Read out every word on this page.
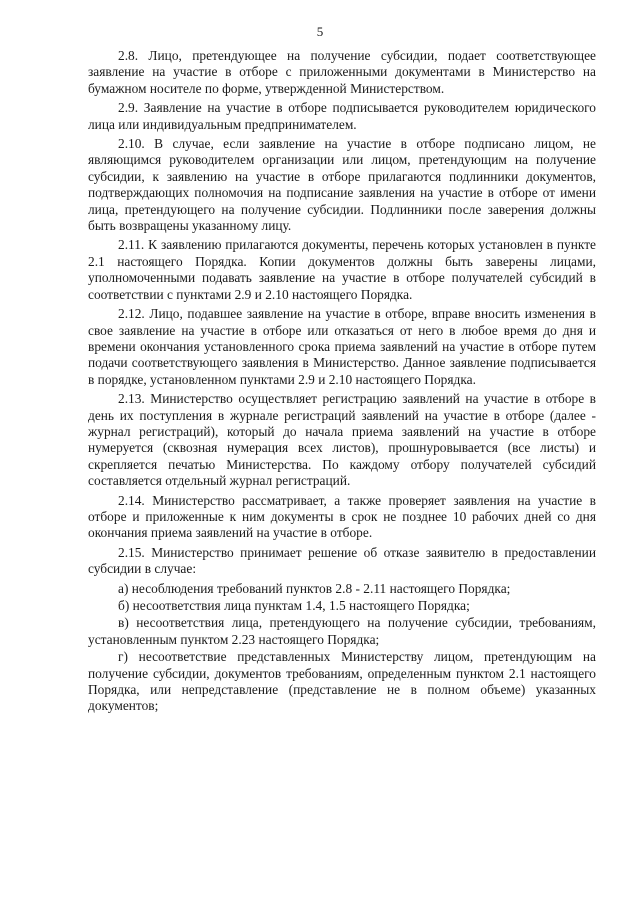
5

2.8. Лицо, претендующее на получение субсидии, подает соответствующее заявление на участие в отборе с приложенными документами в Министерство на бумажном носителе по форме, утвержденной Министерством.

2.9. Заявление на участие в отборе подписывается руководителем юридического лица или индивидуальным предпринимателем.

2.10. В случае, если заявление на участие в отборе подписано лицом, не являющимся руководителем организации или лицом, претендующим на получение субсидии, к заявлению на участие в отборе прилагаются подлинники документов, подтверждающих полномочия на подписание заявления на участие в отборе от имени лица, претендующего на получение субсидии. Подлинники после заверения должны быть возвращены указанному лицу.

2.11. К заявлению прилагаются документы, перечень которых установлен в пункте 2.1 настоящего Порядка. Копии документов должны быть заверены лицами, уполномоченными подавать заявление на участие в отборе получателей субсидий в соответствии с пунктами 2.9 и 2.10 настоящего Порядка.

2.12. Лицо, подавшее заявление на участие в отборе, вправе вносить изменения в свое заявление на участие в отборе или отказаться от него в любое время до дня и времени окончания установленного срока приема заявлений на участие в отборе путем подачи соответствующего заявления в Министерство. Данное заявление подписывается в порядке, установленном пунктами 2.9 и 2.10 настоящего Порядка.

2.13. Министерство осуществляет регистрацию заявлений на участие в отборе в день их поступления в журнале регистраций заявлений на участие в отборе (далее - журнал регистраций), который до начала приема заявлений на участие в отборе нумеруется (сквозная нумерация всех листов), прошнуровывается (все листы) и скрепляется печатью Министерства. По каждому отбору получателей субсидий составляется отдельный журнал регистраций.

2.14. Министерство рассматривает, а также проверяет заявления на участие в отборе и приложенные к ним документы в срок не позднее 10 рабочих дней со дня окончания приема заявлений на участие в отборе.

2.15. Министерство принимает решение об отказе заявителю в предоставлении субсидии в случае:

а) несоблюдения требований пунктов 2.8 - 2.11 настоящего Порядка;

б) несоответствия лица пунктам 1.4, 1.5 настоящего Порядка;

в) несоответствия лица, претендующего на получение субсидии, требованиям, установленным пунктом 2.23 настоящего Порядка;

г) несоответствие представленных Министерству лицом, претендующим на получение субсидии, документов требованиям, определенным пунктом 2.1 настоящего Порядка, или непредставление (представление не в полном объеме) указанных документов;
